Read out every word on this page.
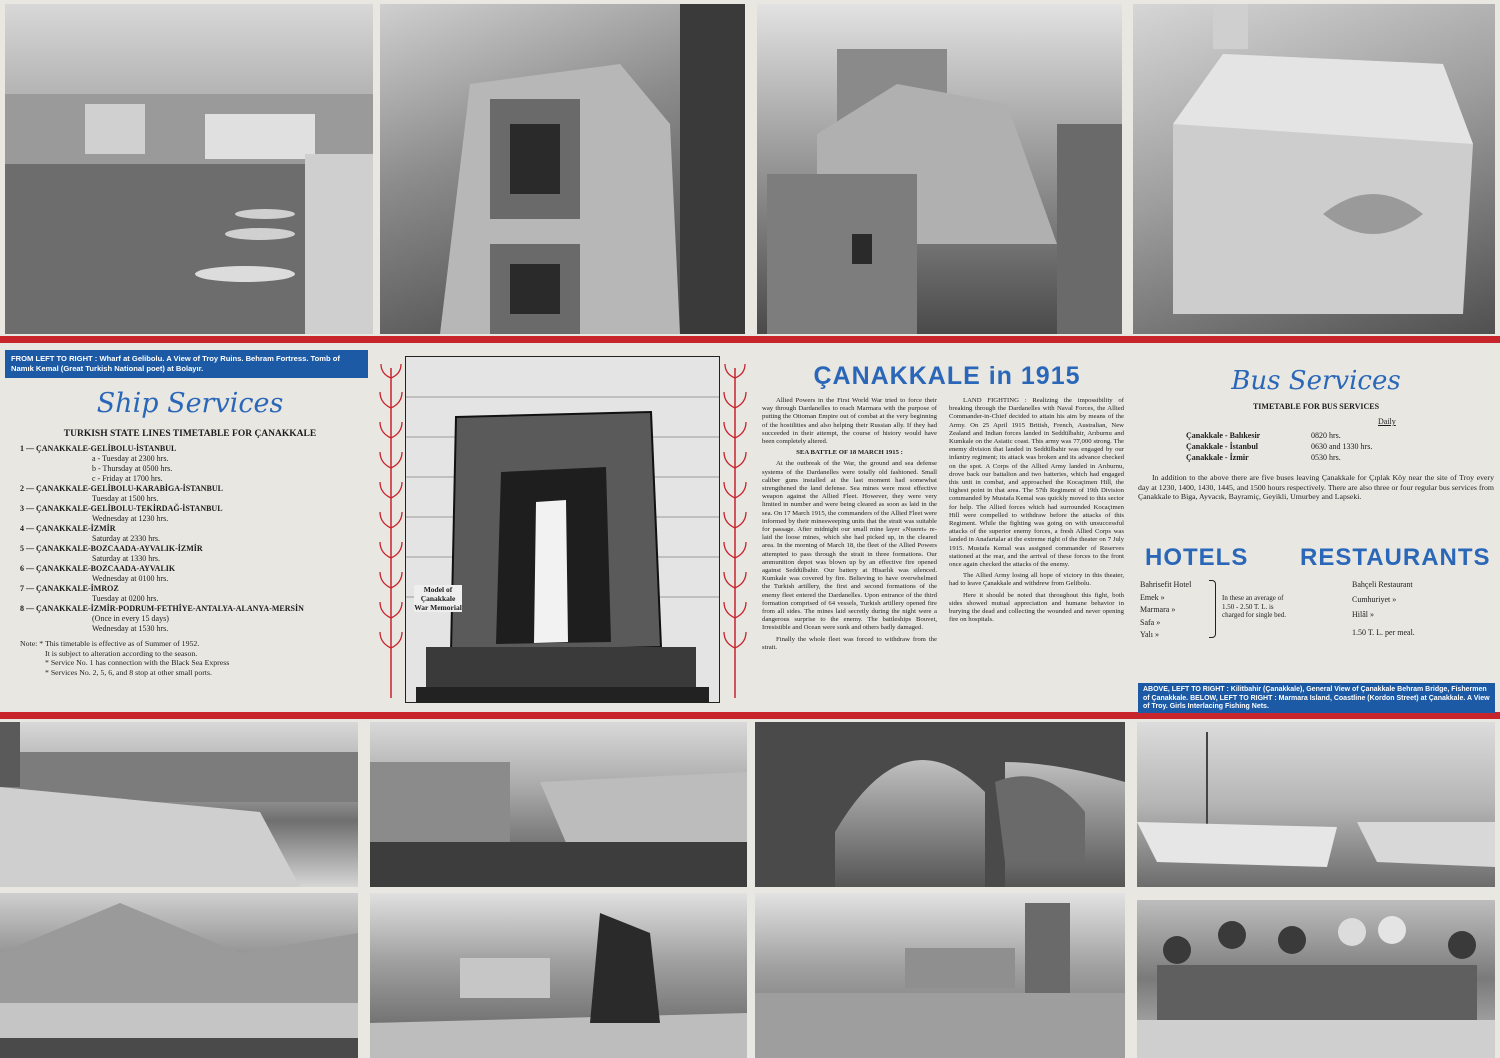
FROM LEFT TO RIGHT : Wharf at Gelibolu. A View of Troy Ruins. Behram Fortress. Tomb of Namık Kemal (Great Turkish National poet) at Bolayır.
Ship Services
TURKISH STATE LINES TIMETABLE FOR ÇANAKKALE
1 — ÇANAKKALE-GELİBOLU-İSTANBUL
a - Tuesday at 2300 hrs.
b - Thursday at 0500 hrs.
c - Friday at 1700 hrs.
2 — ÇANAKKALE-GELİBOLU-KARABİGA-İSTANBUL
Tuesday at 1500 hrs.
3 — ÇANAKKALE-GELİBOLU-TEKİRDAĞ-İSTANBUL
Wednesday at 1230 hrs.
4 — ÇANAKKALE-İZMİR
Saturday at 2330 hrs.
5 — ÇANAKKALE-BOZCAADA-AYVALIK-İZMİR
Saturday at 1330 hrs.
6 — ÇANAKKALE-BOZCAADA-AYVALIK
Wednesday at 0100 hrs.
7 — ÇANAKKALE-İMROZ
Tuesday at 0200 hrs.
8 — ÇANAKKALE-İZMİR-PODRUM-FETHİYE-ANTALYA-ALANYA-MERSİN
(Once in every 15 days)
Wednesday at 1530 hrs.
Note: * This timetable is effective as of Summer of 1952.
It is subject to alteration according to the season.
* Service No. 1 has connection with the Black Sea Express
* Services No. 2, 5, 6, and 8 stop at other small ports.
Model of Çanakkale War Memorial
ÇANAKKALE in 1915

Allied Powers in the First World War tried to force their way through Dardanelles to reach Marmara with the purpose of putting the Ottoman Empire out of combat at the very beginning of the hostilities and also helping their Russian ally. If they had succeeded in their attempt, the course of history would have been completely altered.

SEA BATTLE OF 18 MARCH 1915 :

At the outbreak of the War, the ground and sea defense systems of the Dardanelles were totally old fashioned. Small caliber guns installed at the last moment had somewhat strengthened the land defense. Sea mines were most effective weapon against the Allied Fleet. However, they were very limited in number and were being cleared as soon as laid in the sea. On 17 March 1915, the commanders of the Allied Fleet were informed by their minesweeping units that the strait was suitable for passage. After midnight our small mine layer «Nusret» re-laid the loose mines, which she had picked up, in the cleared area. In the morning of March 18, the fleet of the Allied Powers attempted to pass through the strait in three formations. Our ammunition depot was blown up by an effective fire opened against Seddülbahir. Our battery at Hisarlık was silenced. Kumkale was covered by fire. Believing to have overwhelmed the Turkish artillery, the first and second formations of the enemy fleet entered the Dardanelles. Upon entrance of the third formation comprised of 64 vessels, Turkish artillery opened fire from all sides. The mines laid secretly during the night were a dangerous surprise to the enemy. The battleships Bouvet, Irresistible and Ocean were sunk and others badly damaged.

Finally the whole fleet was forced to withdraw from the strait.

LAND FIGHTING : Realizing the impossibility of breaking through the Dardanelles with Naval Forces, the Allied Commander-in-Chief decided to attain his aim by means of the Army. On 25 April 1915 British, French, Australian, New Zealand and Indian forces landed in Seddülbahir, Arıburnu and Kumkale on the Asiatic coast. This army was 77,000 strong. The enemy division that landed in Seddülbahir was engaged by our infantry regiment; its attack was broken and its advance checked on the spot. A Corps of the Allied Army landed in Arıburnu, drove back our battalion and two batteries, which had engaged this unit in combat, and approached the Kocaçimen Hill, the highest point in that area. The 57th Regiment of 19th Division commanded by Mustafa Kemal was quickly moved to this sector for help. The Allied forces which had surrounded Kocaçimen Hill were compelled to withdraw before the attacks of this Regiment. While the fighting was going on with unsuccessful attacks of the superior enemy forces, a fresh Allied Corps was landed in Anafartalar at the extreme right of the theater on 7 July 1915. Mustafa Kemal was assigned commander of Reserves stationed at the rear, and the arrival of these forces to the front once again checked the attacks of the enemy.

The Allied Army losing all hope of victory in this theater, had to leave Çanakkale and withdrew from Gelibolu.

Here it should be noted that throughout this fight, both sides showed mutual appreciation and humane behavior in burying the dead and collecting the wounded and never opening fire on hospitals.

Bus Services
TIMETABLE FOR BUS SERVICES
Daily
Çanakkale - Balıkesir	0820 hrs.
Çanakkale - İstanbul	0630 and 1330 hrs.
Çanakkale - İzmir	0530 hrs.
In addition to the above there are five buses leaving Çanakkale for Çıplak Köy near the site of Troy every day at 1230, 1400, 1430, 1445, and 1500 hours respectively. There are also three or four regular bus services from Çanakkale to Biga, Ayvacık, Bayramiç, Geyikli, Umurbey and Lapseki.
HOTELS RESTAURANTS
Bahrisefit Hotel
Emek »
Marmara »
Safa »
Yalı »
In these an average of 1.50 - 2.50 T. L. is charged for single bed.
Bahçeli Restaurant
Cumhuriyet »
Hilâl »
1.50 T. L. per meal.
ABOVE, LEFT TO RIGHT : Kilitbahir (Çanakkale), General View of Çanakkale Behram Bridge, Fishermen of Çanakkale. BELOW, LEFT TO RIGHT : Marmara Island, Coastline (Kordon Street) at Çanakkale. A View of Troy. Girls Interlacing Fishing Nets.
